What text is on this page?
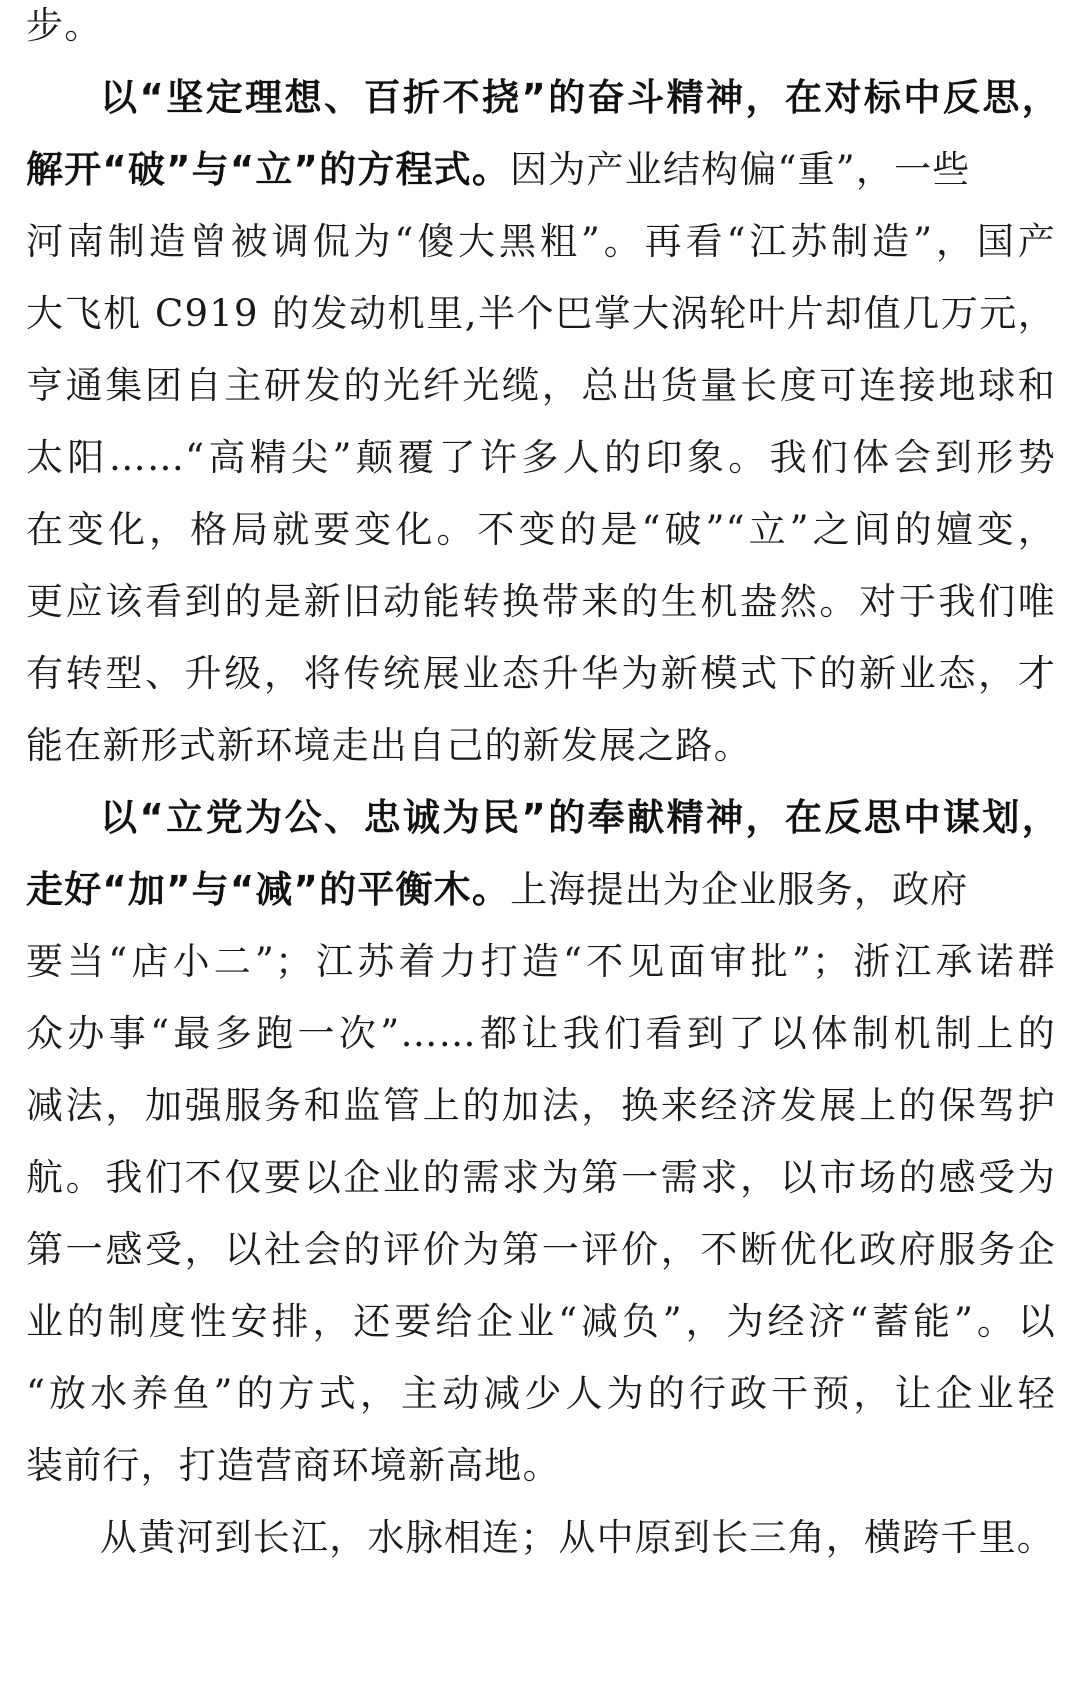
步。
以“坚定理想、百折不挠”的奋斗精神，在对标中反思，
解开“破”与“立”的方程式。因为产业结构偏“重”，一些
河南制造曾被调侃为“傻大黑粗”。再看“江苏制造”，国产
大飞机 C919 的发动机里,半个巴掌大涡轮叶片却值几万元，
亨通集团自主研发的光纤光缆，总出货量长度可连接地球和
太阳……“高精尖”颠覆了许多人的印象。我们体会到形势
在变化，格局就要变化。不变的是“破”“立”之间的嬗变，
更应该看到的是新旧动能转换带来的生机盎然。对于我们唯
有转型、升级，将传统展业态升华为新模式下的新业态，才
能在新形式新环境走出自己的新发展之路。
以“立党为公、忠诚为民”的奉献精神，在反思中谋划，
走好“加”与“减”的平衡木。上海提出为企业服务，政府
要当“店小二”；江苏着力打造“不见面审批”；浙江承诺群
众办事“最多跑一次”……都让我们看到了以体制机制上的
减法，加强服务和监管上的加法，换来经济发展上的保驾护
航。我们不仅要以企业的需求为第一需求，以市场的感受为
第一感受，以社会的评价为第一评价，不断优化政府服务企
业的制度性安排，还要给企业“减负”，为经济“蓄能”。以
“放水养鱼”的方式，主动减少人为的行政干预，让企业轻
装前行，打造营商环境新高地。
从黄河到长江，水脉相连；从中原到长三角，横跨千里。
